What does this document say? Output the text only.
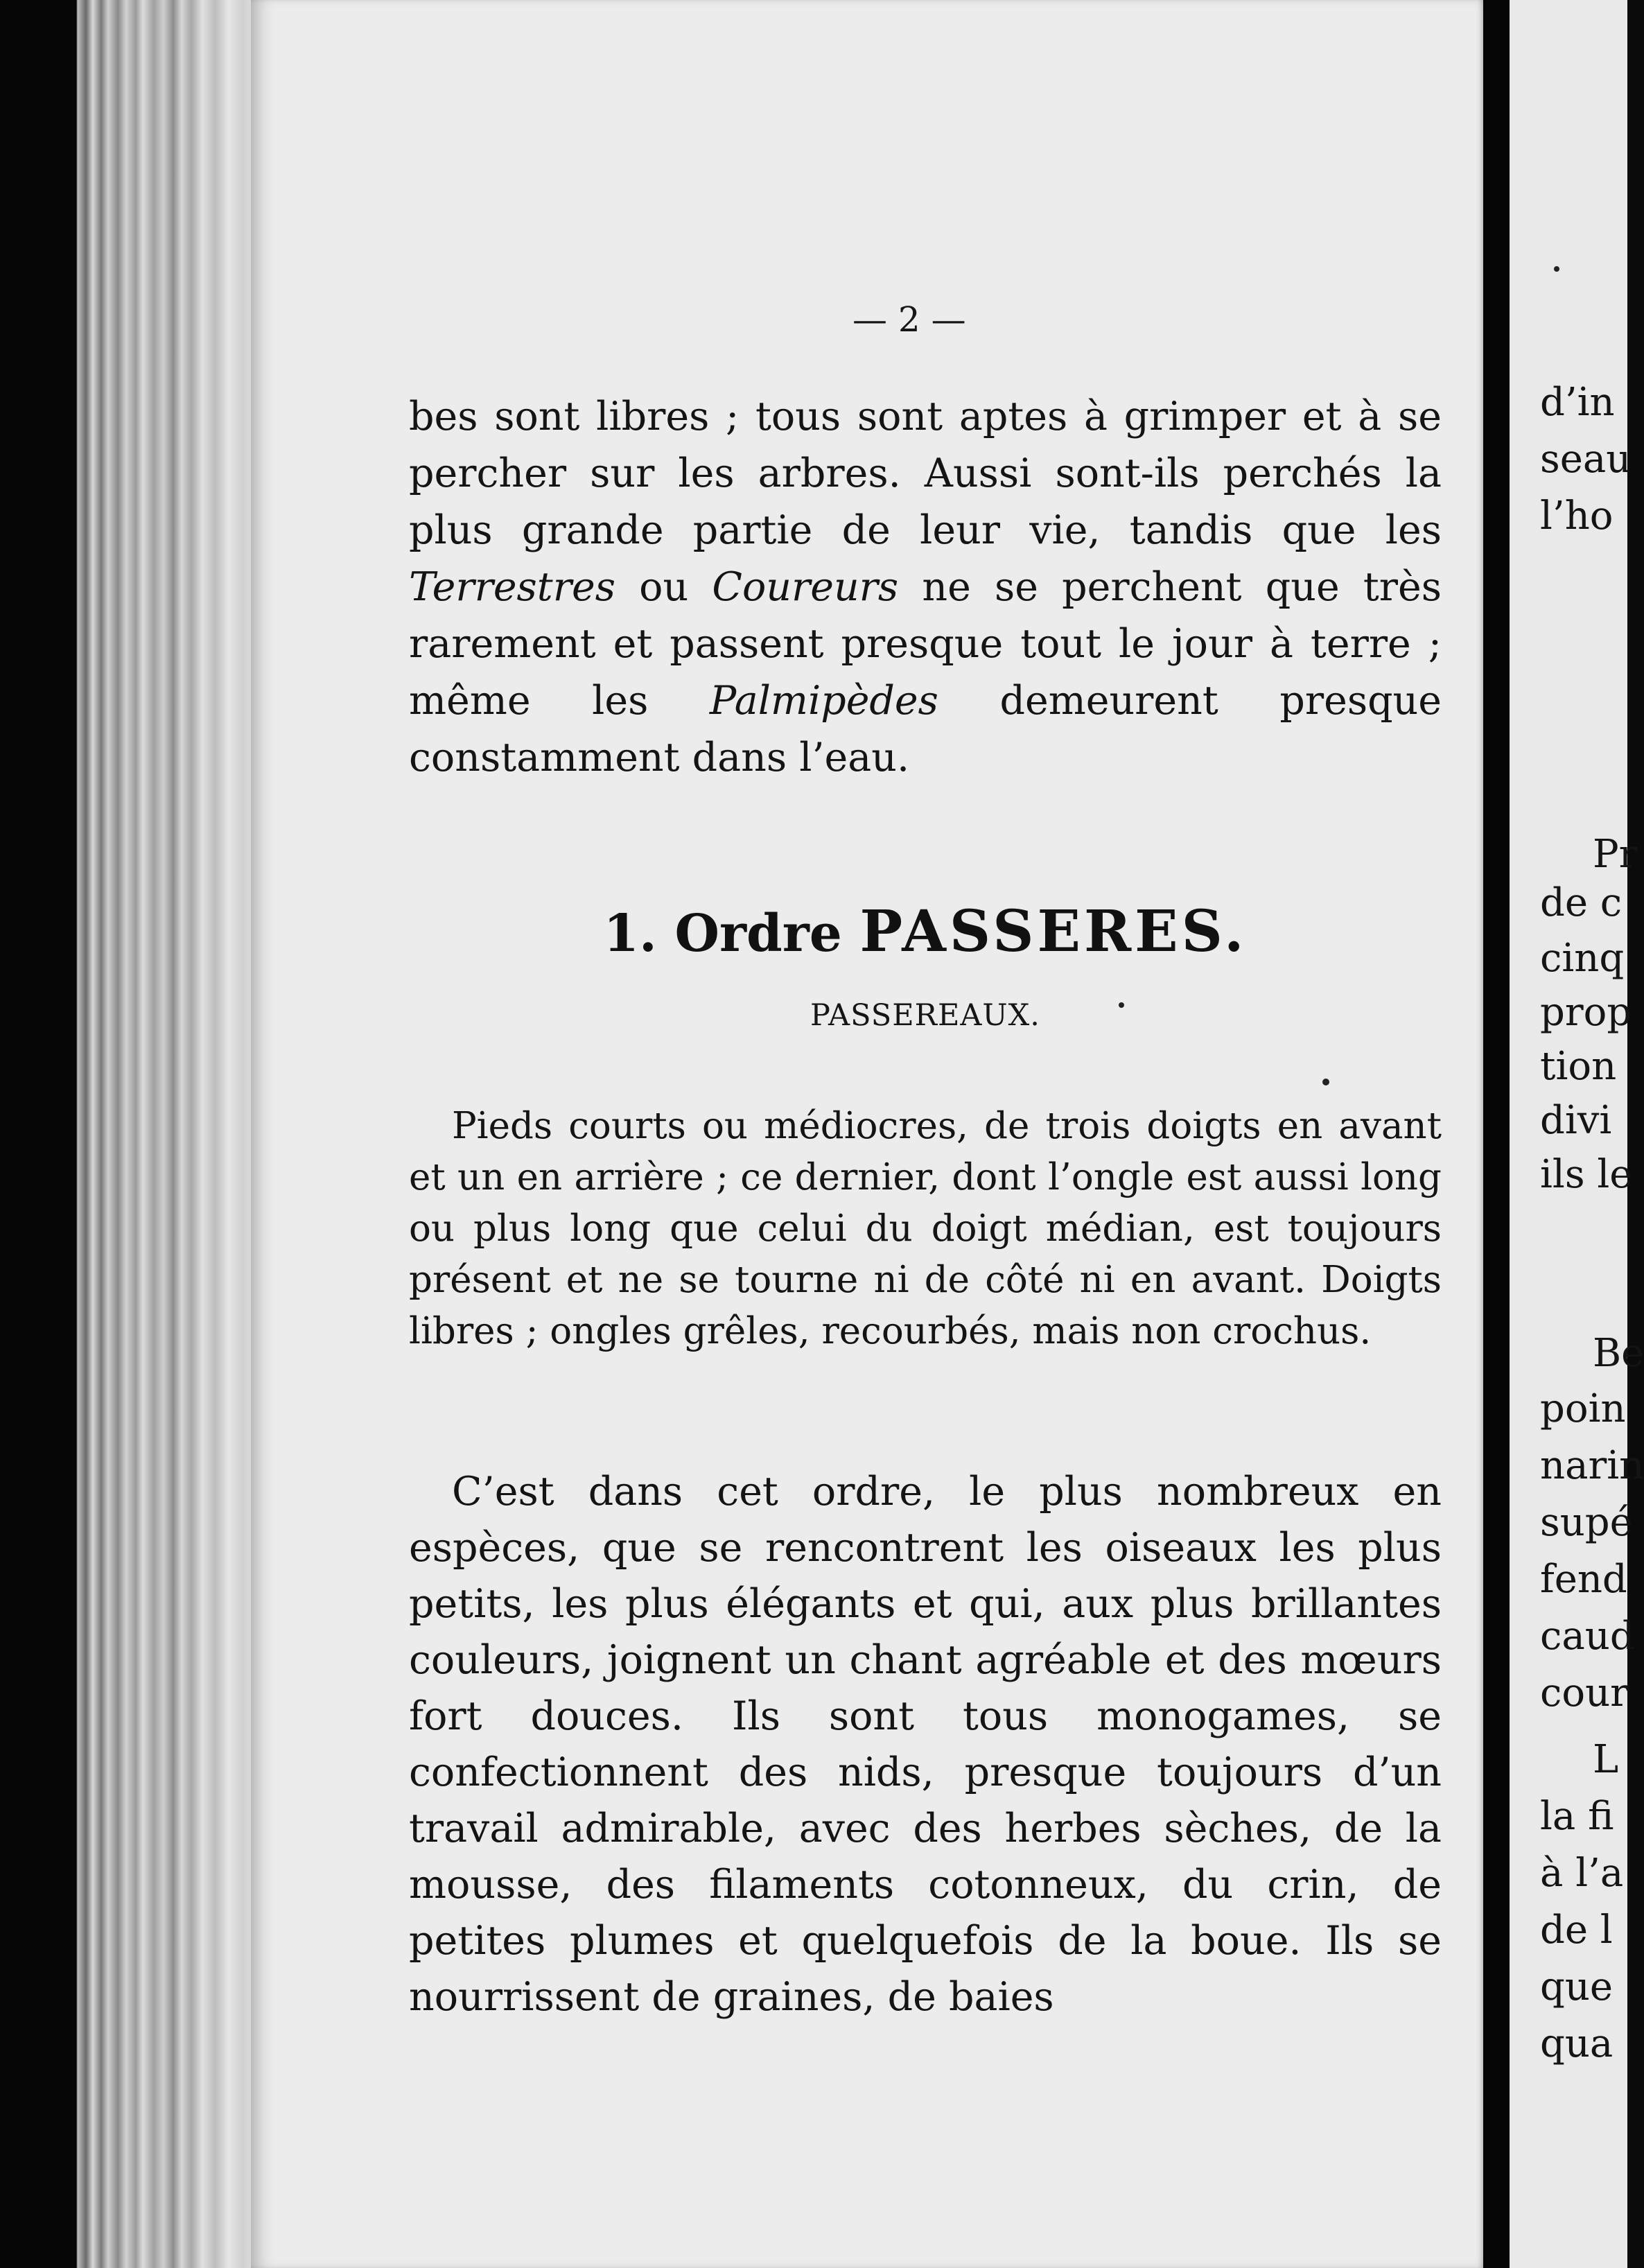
— 2 —

bes sont libres ; tous sont aptes à grimper et à se percher sur les arbres. Aussi sont-ils perchés la plus grande partie de leur vie, tandis que les Terrestres ou Coureurs ne se perchent que très rarement et passent presque tout le jour à terre ; même les Palmipèdes demeurent presque constamment dans l’eau.

1. Ordre PASSERES.
PASSEREAUX.

Pieds courts ou médiocres, de trois doigts en avant et un en arrière ; ce dernier, dont l’ongle est aussi long ou plus long que celui du doigt médian, est toujours présent et ne se tourne ni de côté ni en avant. Doigts libres ; ongles grêles, recourbés, mais non crochus.

C’est dans cet ordre, le plus nombreux en espèces, que se rencontrent les oiseaux les plus petits, les plus élégants et qui, aux plus brillantes couleurs, joignent un chant agréable et des mœurs fort douces. Ils sont tous monogames, se confectionnent des nids, presque toujours d’un travail admirable, avec des herbes sèches, de la mousse, des filaments cotonneux, du crin, de petites plumes et quelquefois de la boue. Ils se nourrissent de graines, de baies

d’in
seau
l’ho
Pr
de c
cinq
prop
tion
divi
ils le
Be
poin
narin
supé
fend
caud
cour
L
la fi
à l’a
de l
que
qua
